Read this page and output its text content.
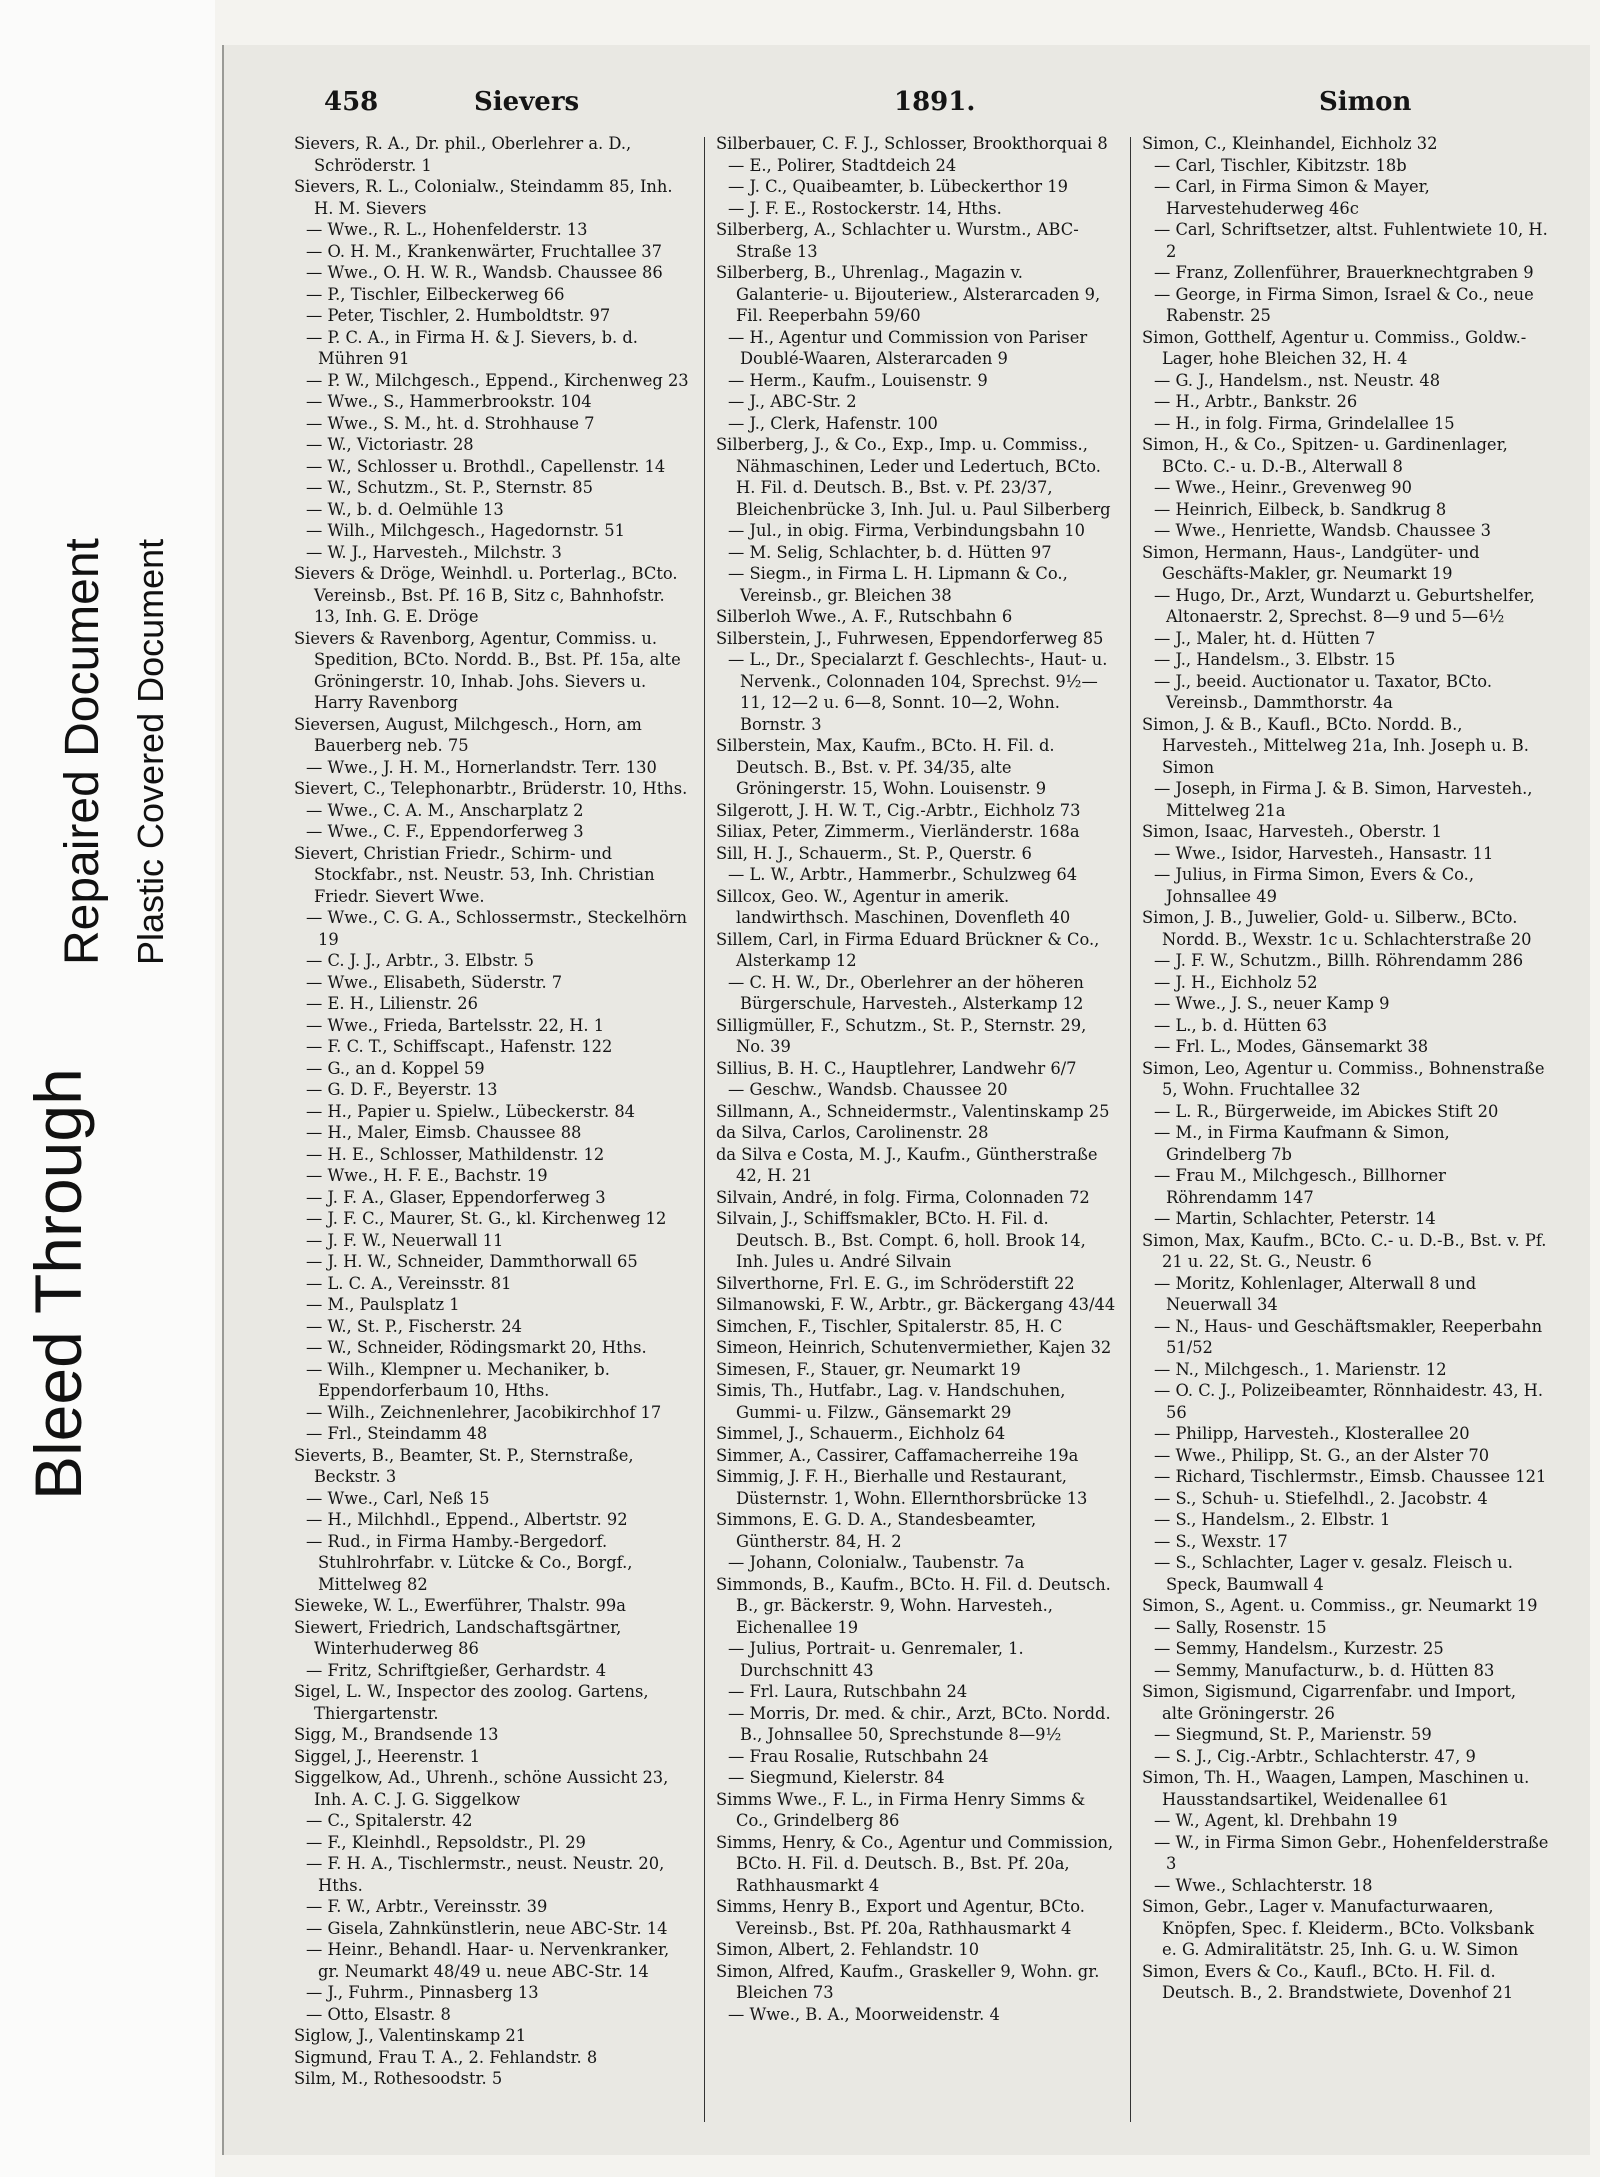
Bleed Through
Repaired Document Plastic Covered Document
458	Sievers	1891.	Simon

Sievers, R. A., Dr. phil., Oberlehrer a. D., Schröderstr. 1

Sievers, R. L., Colonialw., Steindamm 85, Inh. H. M. Sievers

— Wwe., R. L., Hohenfelderstr. 13

— O. H. M., Krankenwärter, Fruchtallee 37

— Wwe., O. H. W. R., Wandsb. Chaussee 86

— P., Tischler, Eilbeckerweg 66

— Peter, Tischler, 2. Humboldtstr. 97

— P. C. A., in Firma H. & J. Sievers, b. d. Mühren 91

— P. W., Milchgesch., Eppend., Kirchenweg 23

— Wwe., S., Hammerbrookstr. 104

— Wwe., S. M., ht. d. Strohhause 7

— W., Victoriastr. 28

— W., Schlosser u. Brothdl., Capellenstr. 14

— W., Schutzm., St. P., Sternstr. 85

— W., b. d. Oelmühle 13

— Wilh., Milchgesch., Hagedornstr. 51

— W. J., Harvesteh., Milchstr. 3

Sievers & Dröge, Weinhdl. u. Porterlag., BCto. Vereinsb., Bst. Pf. 16 B, Sitz c, Bahnhofstr. 13, Inh. G. E. Dröge

Sievers & Ravenborg, Agentur, Commiss. u. Spedition, BCto. Nordd. B., Bst. Pf. 15a, alte Gröningerstr. 10, Inhab. Johs. Sievers u. Harry Ravenborg

Sieversen, August, Milchgesch., Horn, am Bauerberg neb. 75

— Wwe., J. H. M., Hornerlandstr. Terr. 130

Sievert, C., Telephonarbtr., Brüderstr. 10, Hths.

— Wwe., C. A. M., Anscharplatz 2

— Wwe., C. F., Eppendorferweg 3

Sievert, Christian Friedr., Schirm- und Stockfabr., nst. Neustr. 53, Inh. Christian Friedr. Sievert Wwe.

— Wwe., C. G. A., Schlossermstr., Steckelhörn 19

— C. J. J., Arbtr., 3. Elbstr. 5

— Wwe., Elisabeth, Süderstr. 7

— E. H., Lilienstr. 26

— Wwe., Frieda, Bartelsstr. 22, H. 1

— F. C. T., Schiffscapt., Hafenstr. 122

— G., an d. Koppel 59

— G. D. F., Beyerstr. 13

— H., Papier u. Spielw., Lübeckerstr. 84

— H., Maler, Eimsb. Chaussee 88

— H. E., Schlosser, Mathildenstr. 12

— Wwe., H. F. E., Bachstr. 19

— J. F. A., Glaser, Eppendorferweg 3

— J. F. C., Maurer, St. G., kl. Kirchenweg 12

— J. F. W., Neuerwall 11

— J. H. W., Schneider, Dammthorwall 65

— L. C. A., Vereinsstr. 81

— M., Paulsplatz 1

— W., St. P., Fischerstr. 24

— W., Schneider, Rödingsmarkt 20, Hths.

— Wilh., Klempner u. Mechaniker, b. Eppendorferbaum 10, Hths.

— Wilh., Zeichnenlehrer, Jacobikirchhof 17

— Frl., Steindamm 48

Sieverts, B., Beamter, St. P., Sternstraße, Beckstr. 3

— Wwe., Carl, Neß 15

— H., Milchhdl., Eppend., Albertstr. 92

— Rud., in Firma Hamby.-Bergedorf. Stuhlrohrfabr. v. Lütcke & Co., Borgf., Mittelweg 82

Sieweke, W. L., Ewerführer, Thalstr. 99a

Siewert, Friedrich, Landschaftsgärtner, Winterhuderweg 86

— Fritz, Schriftgießer, Gerhardstr. 4

Sigel, L. W., Inspector des zoolog. Gartens, Thiergartenstr.

Sigg, M., Brandsende 13

Siggel, J., Heerenstr. 1

Siggelkow, Ad., Uhrenh., schöne Aussicht 23, Inh. A. C. J. G. Siggelkow

— C., Spitalerstr. 42

— F., Kleinhdl., Repsoldstr., Pl. 29

— F. H. A., Tischlermstr., neust. Neustr. 20, Hths.

— F. W., Arbtr., Vereinsstr. 39

— Gisela, Zahnkünstlerin, neue ABC-Str. 14

— Heinr., Behandl. Haar- u. Nervenkranker, gr. Neumarkt 48/49 u. neue ABC-Str. 14

— J., Fuhrm., Pinnasberg 13

— Otto, Elsastr. 8

Siglow, J., Valentinskamp 21

Sigmund, Frau T. A., 2. Fehlandstr. 8

Silm, M., Rothesoodstr. 5

Silberbauer, C. F. J., Schlosser, Brookthorquai 8

— E., Polirer, Stadtdeich 24

— J. C., Quaibeamter, b. Lübeckerthor 19

— J. F. E., Rostockerstr. 14, Hths.

Silberberg, A., Schlachter u. Wurstm., ABC-Straße 13

Silberberg, B., Uhrenlag., Magazin v. Galanterie- u. Bijouteriew., Alsterarcaden 9, Fil. Reeperbahn 59/60

— H., Agentur und Commission von Pariser Doublé-Waaren, Alsterarcaden 9

— Herm., Kaufm., Louisenstr. 9

— J., ABC-Str. 2

— J., Clerk, Hafenstr. 100

Silberberg, J., & Co., Exp., Imp. u. Commiss., Nähmaschinen, Leder und Ledertuch, BCto. H. Fil. d. Deutsch. B., Bst. v. Pf. 23/37, Bleichenbrücke 3, Inh. Jul. u. Paul Silberberg

— Jul., in obig. Firma, Verbindungsbahn 10

— M. Selig, Schlachter, b. d. Hütten 97

— Siegm., in Firma L. H. Lipmann & Co., Vereinsb., gr. Bleichen 38

Silberloh Wwe., A. F., Rutschbahn 6

Silberstein, J., Fuhrwesen, Eppendorferweg 85

— L., Dr., Specialarzt f. Geschlechts-, Haut- u. Nervenk., Colonnaden 104, Sprechst. 9½—11, 12—2 u. 6—8, Sonnt. 10—2, Wohn. Bornstr. 3

Silberstein, Max, Kaufm., BCto. H. Fil. d. Deutsch. B., Bst. v. Pf. 34/35, alte Gröningerstr. 15, Wohn. Louisenstr. 9

Silgerott, J. H. W. T., Cig.-Arbtr., Eichholz 73

Siliax, Peter, Zimmerm., Vierländerstr. 168a

Sill, H. J., Schauerm., St. P., Querstr. 6

— L. W., Arbtr., Hammerbr., Schulzweg 64

Sillcox, Geo. W., Agentur in amerik. landwirthsch. Maschinen, Dovenfleth 40

Sillem, Carl, in Firma Eduard Brückner & Co., Alsterkamp 12

— C. H. W., Dr., Oberlehrer an der höheren Bürgerschule, Harvesteh., Alsterkamp 12

Silligmüller, F., Schutzm., St. P., Sternstr. 29, No. 39

Sillius, B. H. C., Hauptlehrer, Landwehr 6/7

— Geschw., Wandsb. Chaussee 20

Sillmann, A., Schneidermstr., Valentinskamp 25

da Silva, Carlos, Carolinenstr. 28

da Silva e Costa, M. J., Kaufm., Güntherstraße 42, H. 21

Silvain, André, in folg. Firma, Colonnaden 72

Silvain, J., Schiffsmakler, BCto. H. Fil. d. Deutsch. B., Bst. Compt. 6, holl. Brook 14, Inh. Jules u. André Silvain

Silverthorne, Frl. E. G., im Schröderstift 22

Silmanowski, F. W., Arbtr., gr. Bäckergang 43/44

Simchen, F., Tischler, Spitalerstr. 85, H. C

Simeon, Heinrich, Schutenvermiether, Kajen 32

Simesen, F., Stauer, gr. Neumarkt 19

Simis, Th., Hutfabr., Lag. v. Handschuhen, Gummi- u. Filzw., Gänsemarkt 29

Simmel, J., Schauerm., Eichholz 64

Simmer, A., Cassirer, Caffamacherreihe 19a

Simmig, J. F. H., Bierhalle und Restaurant, Düsternstr. 1, Wohn. Ellernthorsbrücke 13

Simmons, E. G. D. A., Standesbeamter, Güntherstr. 84, H. 2

— Johann, Colonialw., Taubenstr. 7a

Simmonds, B., Kaufm., BCto. H. Fil. d. Deutsch. B., gr. Bäckerstr. 9, Wohn. Harvesteh., Eichenallee 19

— Julius, Portrait- u. Genremaler, 1. Durchschnitt 43

— Frl. Laura, Rutschbahn 24

— Morris, Dr. med. & chir., Arzt, BCto. Nordd. B., Johnsallee 50, Sprechstunde 8—9½

— Frau Rosalie, Rutschbahn 24

— Siegmund, Kielerstr. 84

Simms Wwe., F. L., in Firma Henry Simms & Co., Grindelberg 86

Simms, Henry, & Co., Agentur und Commission, BCto. H. Fil. d. Deutsch. B., Bst. Pf. 20a, Rathhausmarkt 4

Simms, Henry B., Export und Agentur, BCto. Vereinsb., Bst. Pf. 20a, Rathhausmarkt 4

Simon, Albert, 2. Fehlandstr. 10

Simon, Alfred, Kaufm., Graskeller 9, Wohn. gr. Bleichen 73

— Wwe., B. A., Moorweidenstr. 4

Simon, C., Kleinhandel, Eichholz 32

— Carl, Tischler, Kibitzstr. 18b

— Carl, in Firma Simon & Mayer, Harvestehuderweg 46c

— Carl, Schriftsetzer, altst. Fuhlentwiete 10, H. 2

— Franz, Zollenführer, Brauerknechtgraben 9

— George, in Firma Simon, Israel & Co., neue Rabenstr. 25

Simon, Gotthelf, Agentur u. Commiss., Goldw.-Lager, hohe Bleichen 32, H. 4

— G. J., Handelsm., nst. Neustr. 48

— H., Arbtr., Bankstr. 26

— H., in folg. Firma, Grindelallee 15

Simon, H., & Co., Spitzen- u. Gardinenlager, BCto. C.- u. D.-B., Alterwall 8

— Wwe., Heinr., Grevenweg 90

— Heinrich, Eilbeck, b. Sandkrug 8

— Wwe., Henriette, Wandsb. Chaussee 3

Simon, Hermann, Haus-, Landgüter- und Geschäfts-Makler, gr. Neumarkt 19

— Hugo, Dr., Arzt, Wundarzt u. Geburtshelfer, Altonaerstr. 2, Sprechst. 8—9 und 5—6½

— J., Maler, ht. d. Hütten 7

— J., Handelsm., 3. Elbstr. 15

— J., beeid. Auctionator u. Taxator, BCto. Vereinsb., Dammthorstr. 4a

Simon, J. & B., Kaufl., BCto. Nordd. B., Harvesteh., Mittelweg 21a, Inh. Joseph u. B. Simon

— Joseph, in Firma J. & B. Simon, Harvesteh., Mittelweg 21a

Simon, Isaac, Harvesteh., Oberstr. 1

— Wwe., Isidor, Harvesteh., Hansastr. 11

— Julius, in Firma Simon, Evers & Co., Johnsallee 49

Simon, J. B., Juwelier, Gold- u. Silberw., BCto. Nordd. B., Wexstr. 1c u. Schlachterstraße 20

— J. F. W., Schutzm., Billh. Röhrendamm 286

— J. H., Eichholz 52

— Wwe., J. S., neuer Kamp 9

— L., b. d. Hütten 63

— Frl. L., Modes, Gänsemarkt 38

Simon, Leo, Agentur u. Commiss., Bohnenstraße 5, Wohn. Fruchtallee 32

— L. R., Bürgerweide, im Abickes Stift 20

— M., in Firma Kaufmann & Simon, Grindelberg 7b

— Frau M., Milchgesch., Billhorner Röhrendamm 147

— Martin, Schlachter, Peterstr. 14

Simon, Max, Kaufm., BCto. C.- u. D.-B., Bst. v. Pf. 21 u. 22, St. G., Neustr. 6

— Moritz, Kohlenlager, Alterwall 8 und Neuerwall 34

— N., Haus- und Geschäftsmakler, Reeperbahn 51/52

— N., Milchgesch., 1. Marienstr. 12

— O. C. J., Polizeibeamter, Rönnhaidestr. 43, H. 56

— Philipp, Harvesteh., Klosterallee 20

— Wwe., Philipp, St. G., an der Alster 70

— Richard, Tischlermstr., Eimsb. Chaussee 121

— S., Schuh- u. Stiefelhdl., 2. Jacobstr. 4

— S., Handelsm., 2. Elbstr. 1

— S., Wexstr. 17

— S., Schlachter, Lager v. gesalz. Fleisch u. Speck, Baumwall 4

Simon, S., Agent. u. Commiss., gr. Neumarkt 19

— Sally, Rosenstr. 15

— Semmy, Handelsm., Kurzestr. 25

— Semmy, Manufacturw., b. d. Hütten 83

Simon, Sigismund, Cigarrenfabr. und Import, alte Gröningerstr. 26

— Siegmund, St. P., Marienstr. 59

— S. J., Cig.-Arbtr., Schlachterstr. 47, 9

Simon, Th. H., Waagen, Lampen, Maschinen u. Hausstandsartikel, Weidenallee 61

— W., Agent, kl. Drehbahn 19

— W., in Firma Simon Gebr., Hohenfelderstraße 3

— Wwe., Schlachterstr. 18

Simon, Gebr., Lager v. Manufacturwaaren, Knöpfen, Spec. f. Kleiderm., BCto. Volksbank e. G. Admiralitätstr. 25, Inh. G. u. W. Simon

Simon, Evers & Co., Kaufl., BCto. H. Fil. d. Deutsch. B., 2. Brandstwiete, Dovenhof 21
